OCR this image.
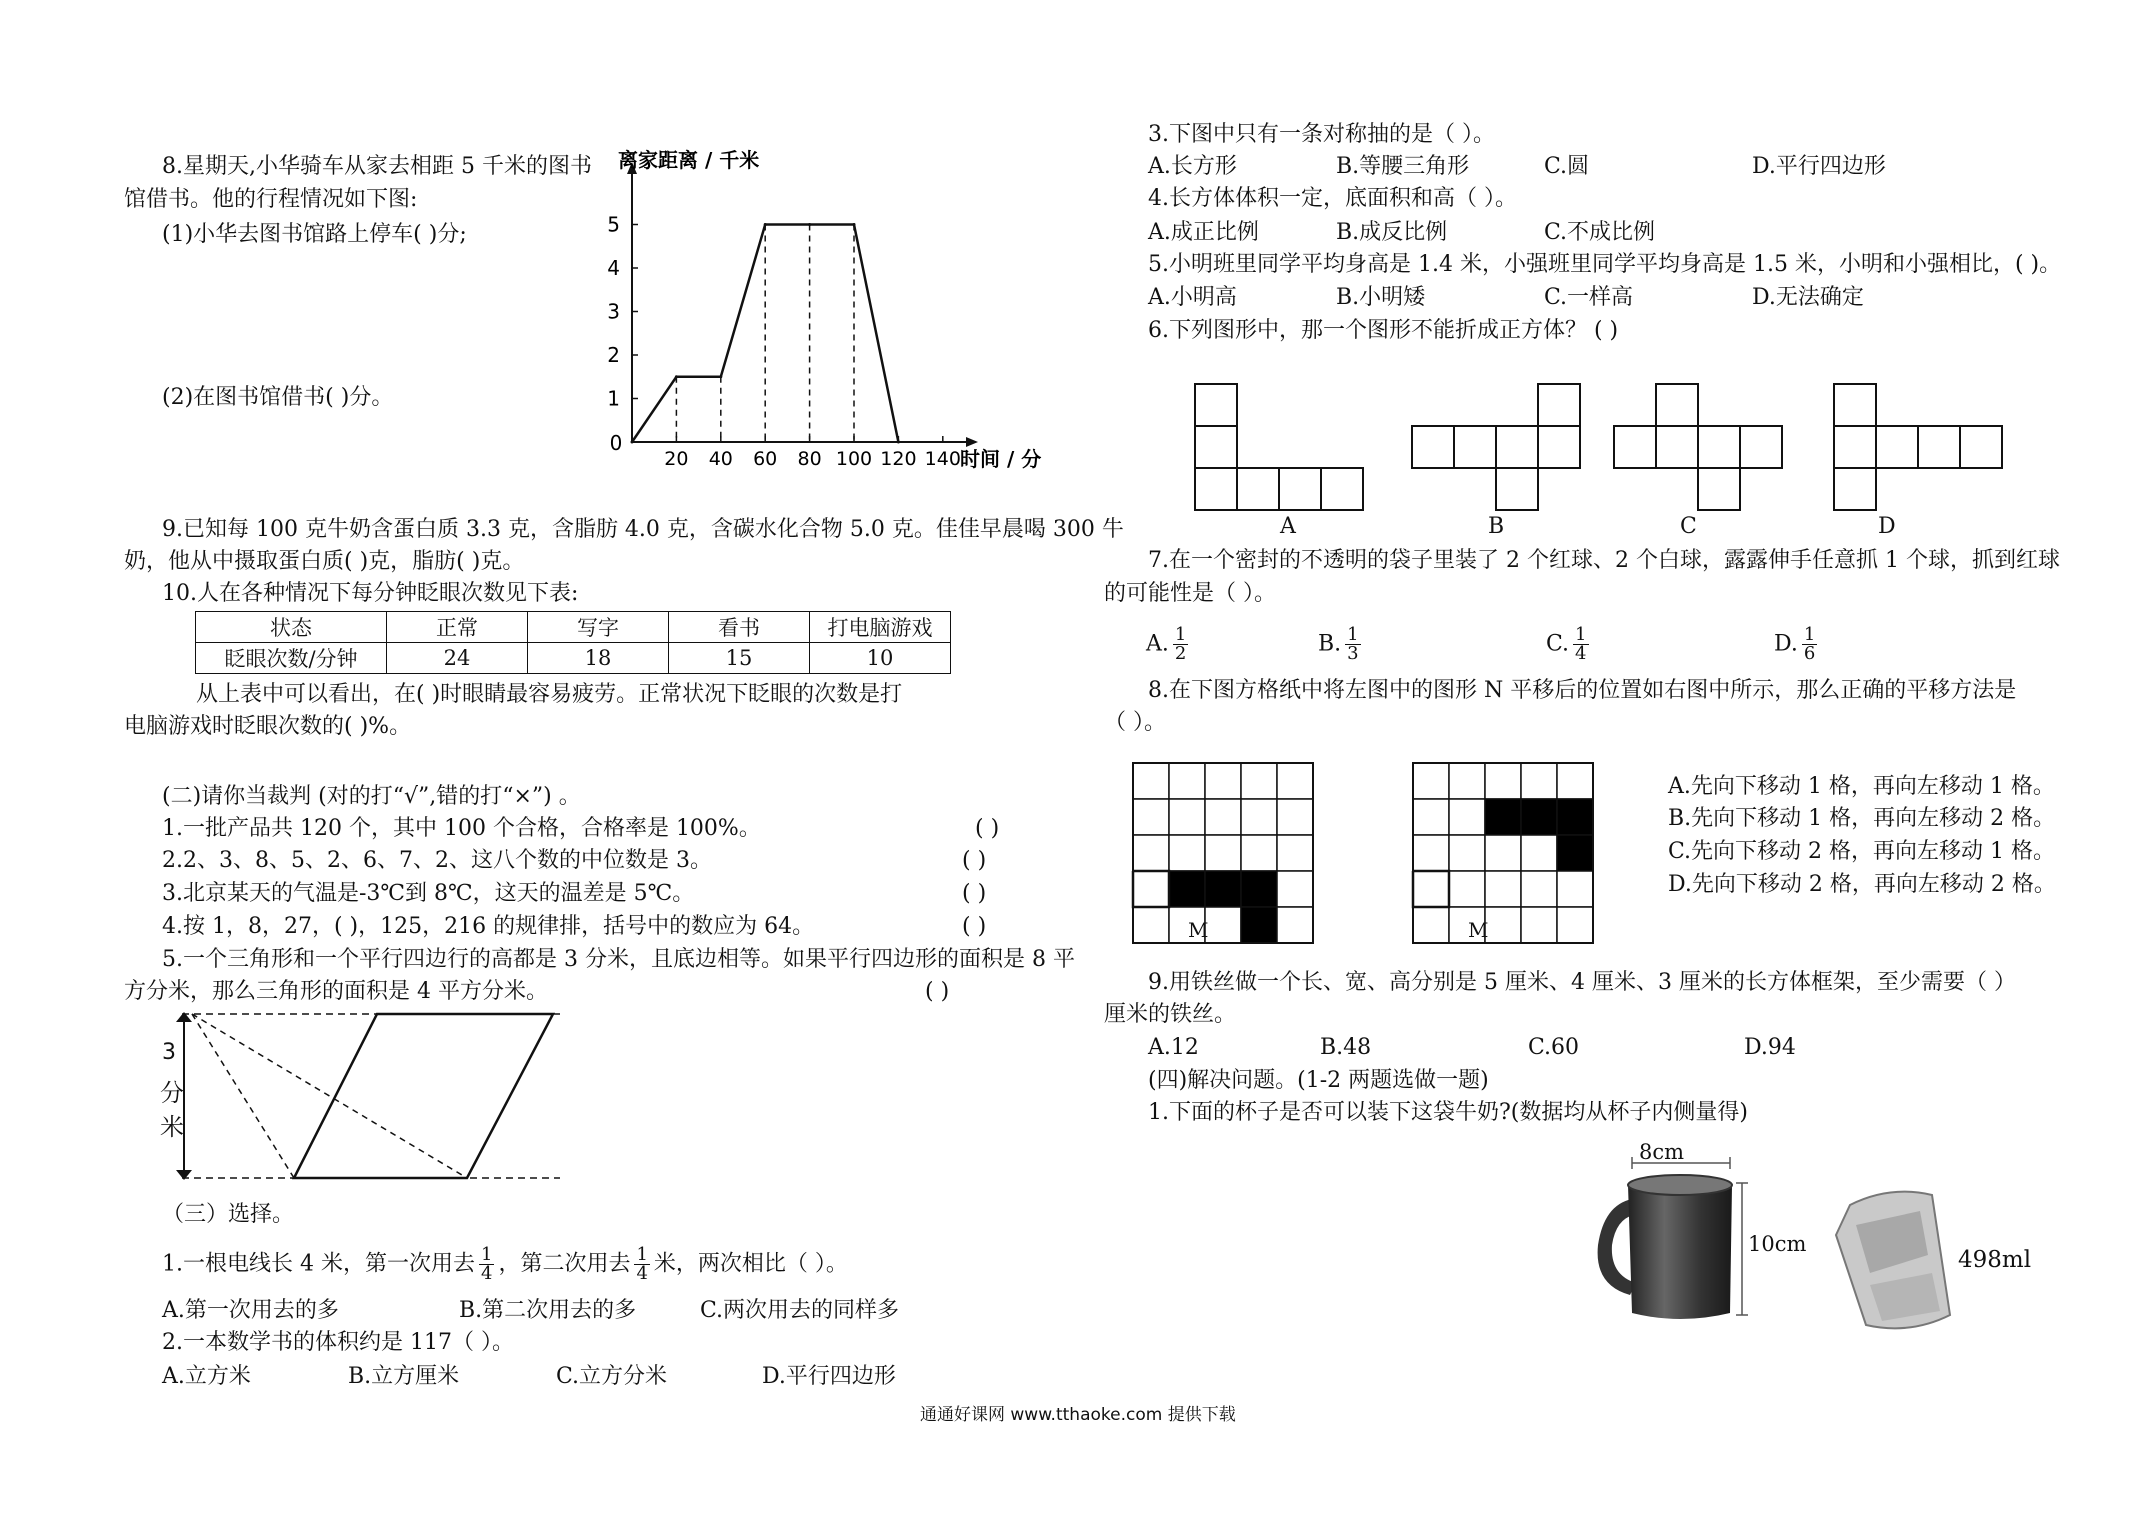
8.星期天,小华骑车从家去相距 5 千米的图书
馆借书。他的行程情况如下图:
(1)小华去图书馆路上停车( )分;
(2)在图书馆借书( )分。	1
2
3
4
5
20 40 60 80 100 120 140
0
离家距离 / 千米
时间 / 分
9.已知每 100 克牛奶含蛋白质 3.3 克，含脂肪 4.0 克，含碳水化合物 5.0 克。佳佳早晨喝 300 牛
奶，他从中摄取蛋白质( )克，脂肪( )克。
10.人在各种情况下每分钟眨眼次数见下表:
状态	正常	写字	看书	打电脑游戏
眨眼次数/分钟	24	18	15	10
从上表中可以看出，在( )时眼睛最容易疲劳。正常状况下眨眼的次数是打
电脑游戏时眨眼次数的( )%。
(二)请你当裁判 (对的打“√”,错的打“×”) 。
1.一批产品共 120 个，其中 100 个合格，合格率是 100%。	( )
2.2、3、8、5、2、6、7、2、这八个数的中位数是 3。	( )
3.北京某天的气温是-3℃到 8℃，这天的温差是 5℃。	( )
4.按 1，8，27，( )，125，216 的规律排，括号中的数应为 64。	( )
5.一个三角形和一个平行四边行的高都是 3 分米，且底边相等。如果平行四边形的面积是 8 平
方分米，那么三角形的面积是 4 平方分米。	( )
3
分
米
（三）选择。
1.一根电线长 4 米，第一次用去 $\frac{1}{4}$ ，第二次用去 $\frac{1}{4}$ 米，两次相比（ ）。
A.第一次用去的多	B.第二次用去的多	C.两次用去的同样多
2.一本数学书的体积约是 117（ ）。
A.立方米	B.立方厘米	C.立方分米	D.平行四边形
3.下图中只有一条对称抽的是（ ）。
A.长方形	B.等腰三角形	C.圆	D.平行四边形
4.长方体体积一定，底面积和高（ ）。
A.成正比例	B.成反比例	C.不成比例
5.小明班里同学平均身高是 1.4 米，小强班里同学平均身高是 1.5 米，小明和小强相比，( )。
A.小明高	B.小明矮	C.一样高	D.无法确定
6.下列图形中，那一个图形不能折成正方体？ ( )
A	B	C	D
7.在一个密封的不透明的袋子里装了 2 个红球、2 个白球，露露伸手任意抓 1 个球，抓到红球
的可能性是（ ）。
A. $\frac{1}{2}$	B. $\frac{1}{3}$	C. $\frac{1}{4}$	D. $\frac{1}{6}$
8.在下图方格纸中将左图中的图形 N 平移后的位置如右图中所示，那么正确的平移方法是
（ ）。
M	M
A.先向下移动 1 格，再向左移动 1 格。
B.先向下移动 1 格，再向左移动 2 格。
C.先向下移动 2 格，再向左移动 1 格。
D.先向下移动 2 格，再向左移动 2 格。
9.用铁丝做一个长、宽、高分别是 5 厘米、4 厘米、3 厘米的长方体框架，至少需要（ ）
厘米的铁丝。
A.12	B.48	C.60	D.94
(四)解决问题。(1-2 两题选做一题)
1.下面的杯子是否可以装下这袋牛奶?(数据均从杯子内侧量得)
8cm
10cm
498ml
通通好课网 www.tthaoke.com 提供下载
